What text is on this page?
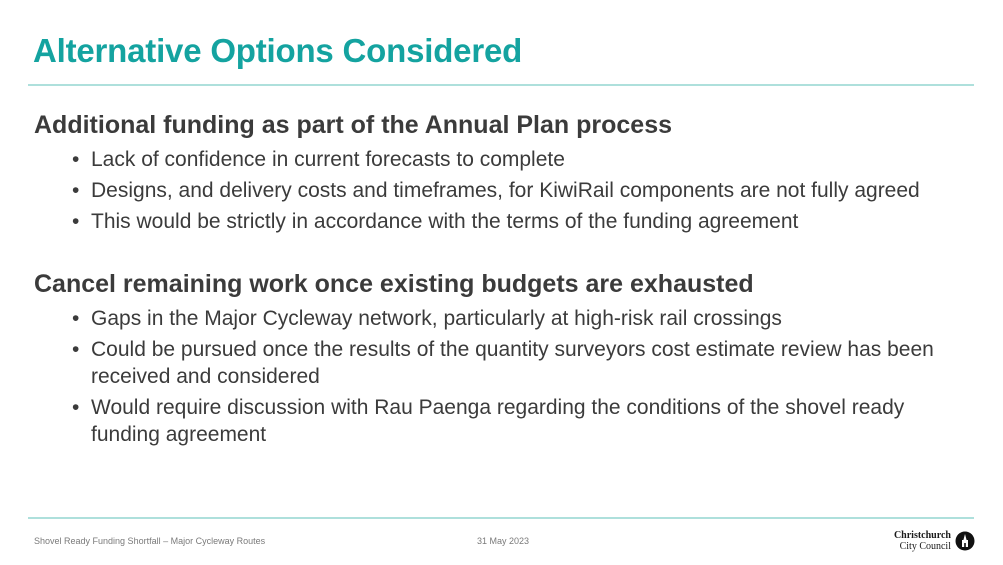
Alternative Options Considered
Additional funding as part of the Annual Plan process
• Lack of confidence in current forecasts to complete
• Designs, and delivery costs and timeframes, for KiwiRail components are not fully agreed
• This would be strictly in accordance with the terms of the funding agreement
Cancel remaining work once existing budgets are exhausted
• Gaps in the Major Cycleway network, particularly at high-risk rail crossings
• Could be pursued once the results of the quantity surveyors cost estimate review has been received and considered
• Would require discussion with Rau Paenga regarding the conditions of the shovel ready funding agreement
Shovel Ready Funding Shortfall – Major Cycleway Routes	31 May 2023	Christchurch
City Council
